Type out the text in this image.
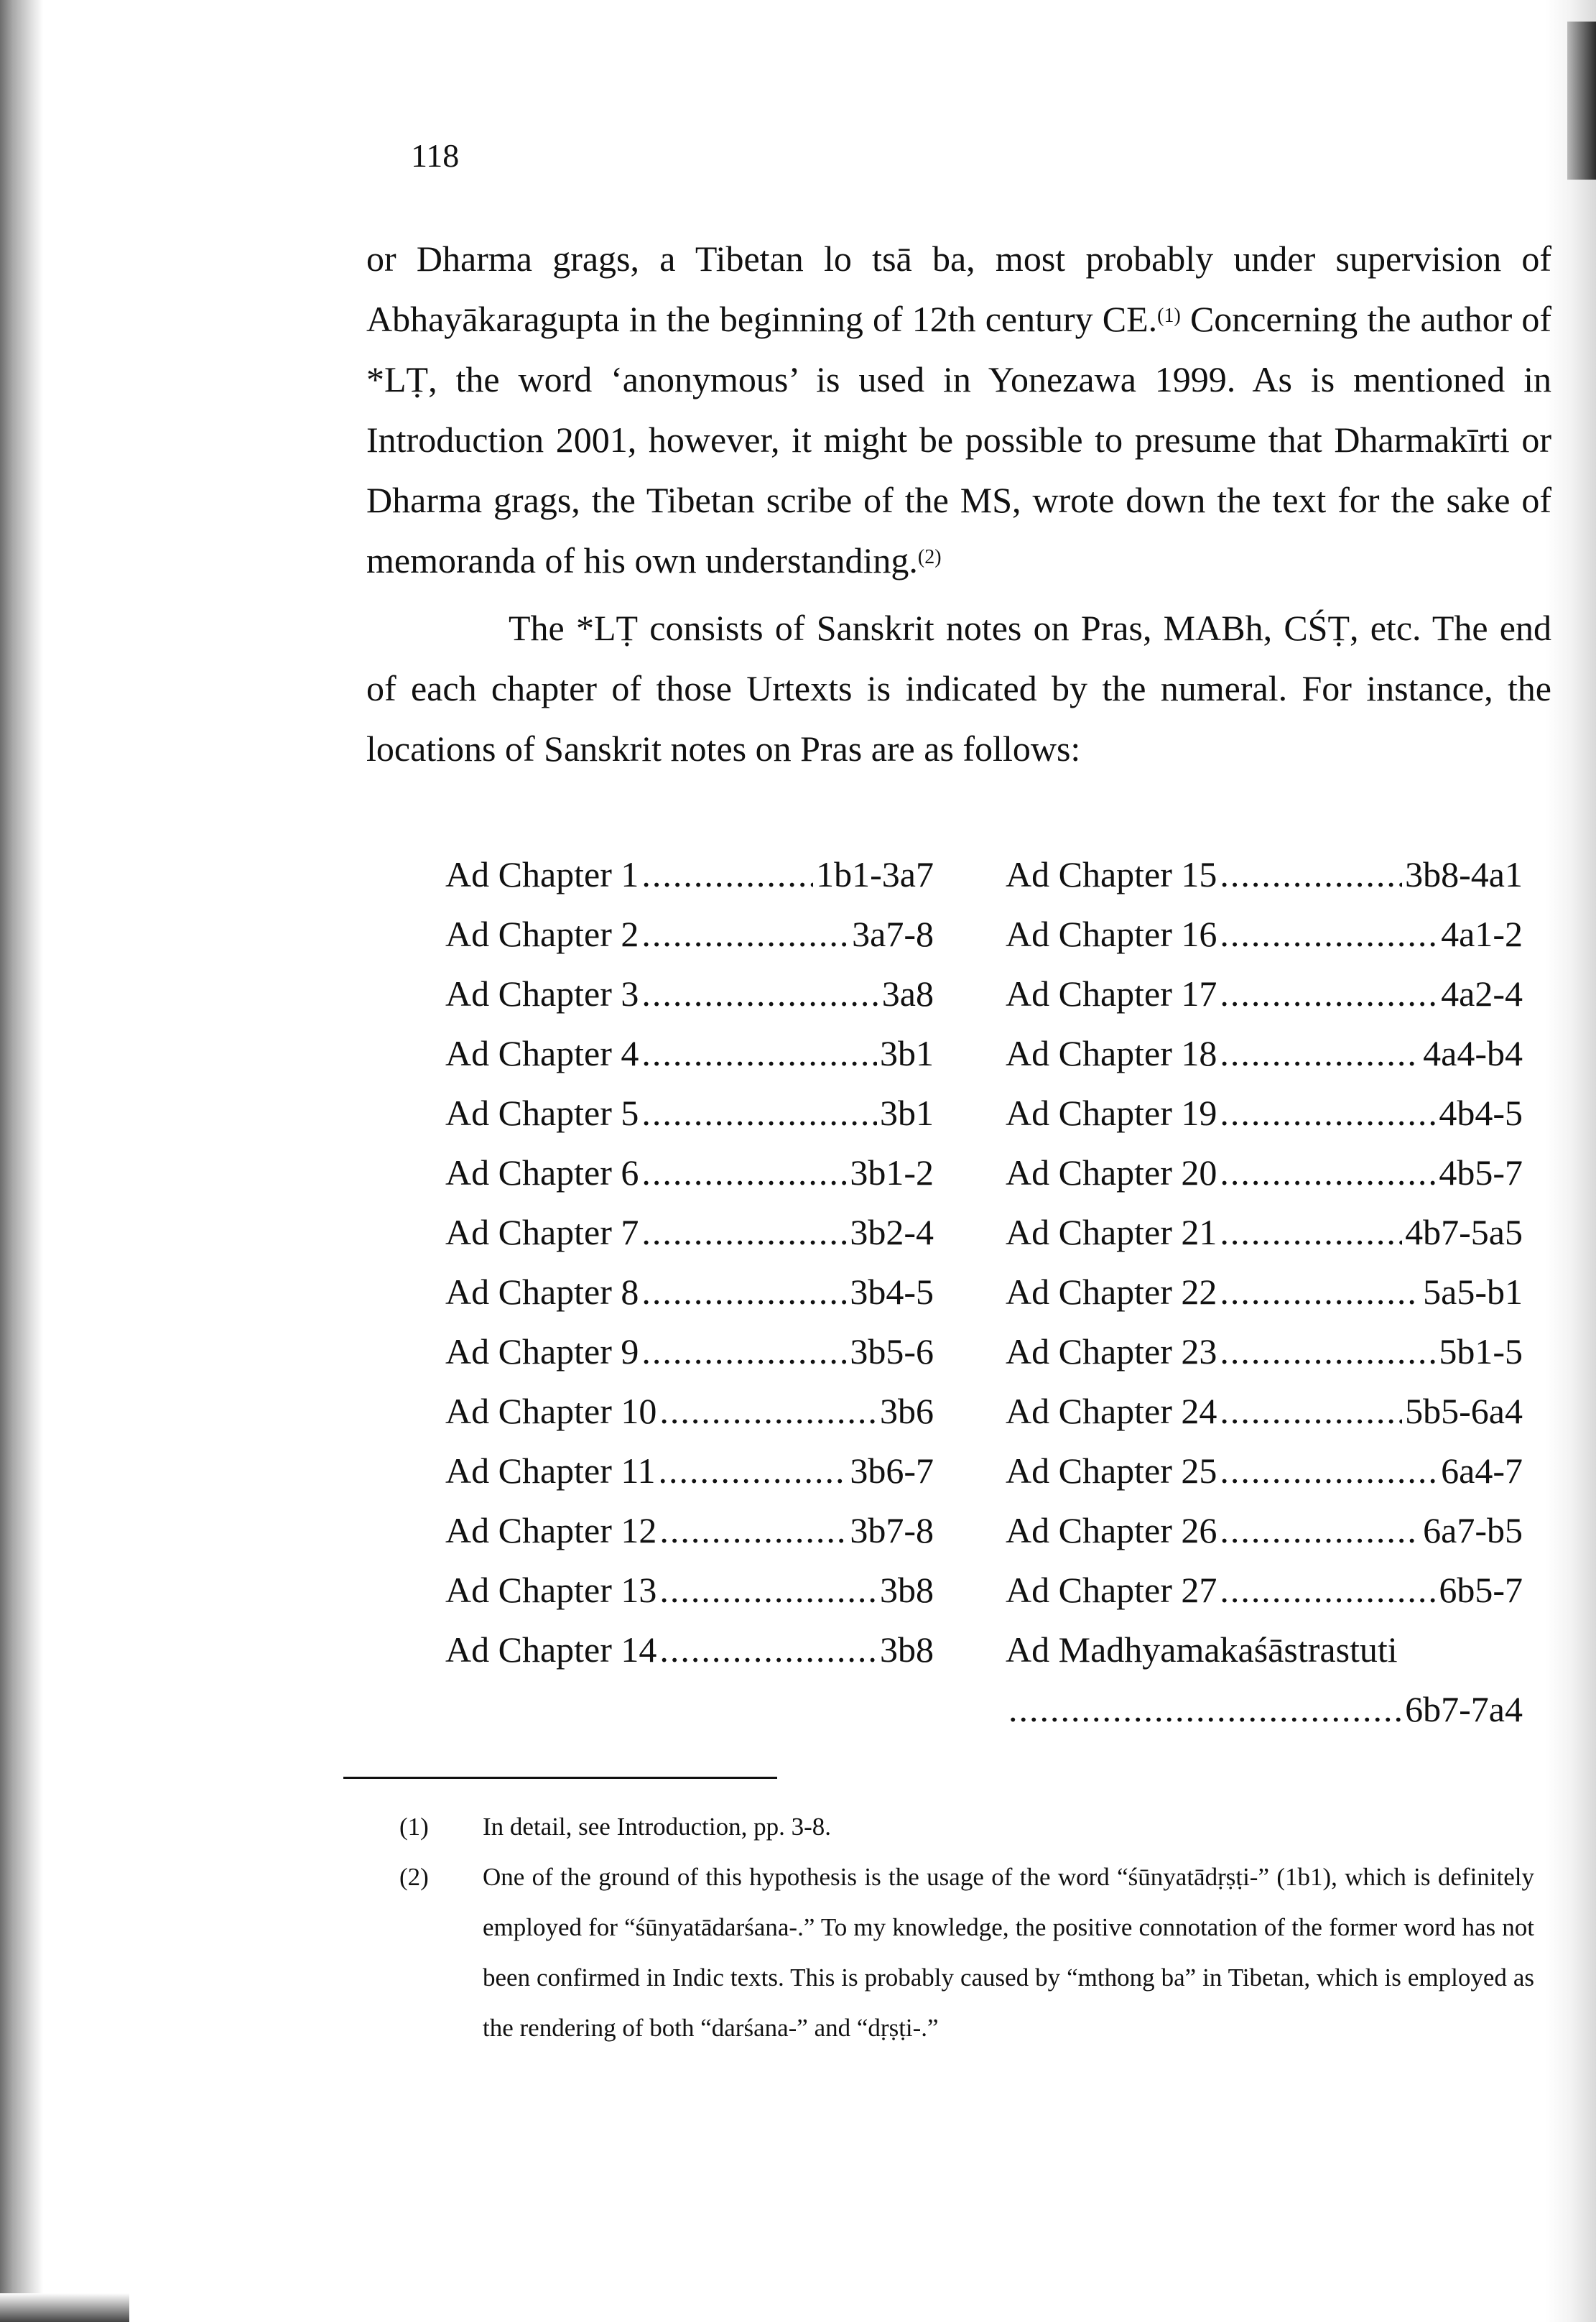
118

or Dharma grags, a Tibetan lo tsā ba, most probably under supervision of Abhayākaragupta in the beginning of 12th century CE.$^{(1)}$ Concerning the author of *LṬ, the word ‘anonymous’ is used in Yonezawa 1999. As is mentioned in Introduction 2001, however, it might be possible to presume that Dharmakīrti or Dharma grags, the Tibetan scribe of the MS, wrote down the text for the sake of memoranda of his own understanding.$^{(2)}$

The *LṬ consists of Sanskrit notes on Pras, MABh, CŚṬ, etc. The end of each chapter of those Urtexts is indicated by the numeral. For instance, the locations of Sanskrit notes on Pras are as follows:

Ad Chapter 1 .....	1b1-3a7
Ad Chapter 2 .....	3a7-8
Ad Chapter 3 .....	3a8
Ad Chapter 4 .....	3b1
Ad Chapter 5 .....	3b1
Ad Chapter 6 .....	3b1-2
Ad Chapter 7 .....	3b2-4
Ad Chapter 8 .....	3b4-5
Ad Chapter 9 .....	3b5-6
Ad Chapter 10 .....	3b6
Ad Chapter 11 .....	3b6-7
Ad Chapter 12 .....	3b7-8
Ad Chapter 13 .....	3b8
Ad Chapter 14 .....	3b8
Ad Chapter 15 .....	3b8-4a1
Ad Chapter 16 .....	4a1-2
Ad Chapter 17 .....	4a2-4
Ad Chapter 18 .....	4a4-b4
Ad Chapter 19 .....	4b4-5
Ad Chapter 20 .....	4b5-7
Ad Chapter 21 .....	4b7-5a5
Ad Chapter 22 .....	5a5-b1
Ad Chapter 23 .....	5b1-5
Ad Chapter 24 .....	5b5-6a4
Ad Chapter 25 .....	6a4-7
Ad Chapter 26 .....	6a7-b5
Ad Chapter 27 .....	6b5-7
Ad Madhyamakaśāstrastuti
.....
6b7-7a4
(1) In detail, see Introduction, pp. 3-8.

(2) One of the ground of this hypothesis is the usage of the word “śūnyatādṛṣṭi-” (1b1), which is definitely employed for “śūnyatādarśana-.” To my knowledge, the positive connotation of the former word has not been confirmed in Indic texts. This is probably caused by “mthong ba” in Tibetan, which is employed as the rendering of both “darśana-” and “dṛṣṭi-.”
